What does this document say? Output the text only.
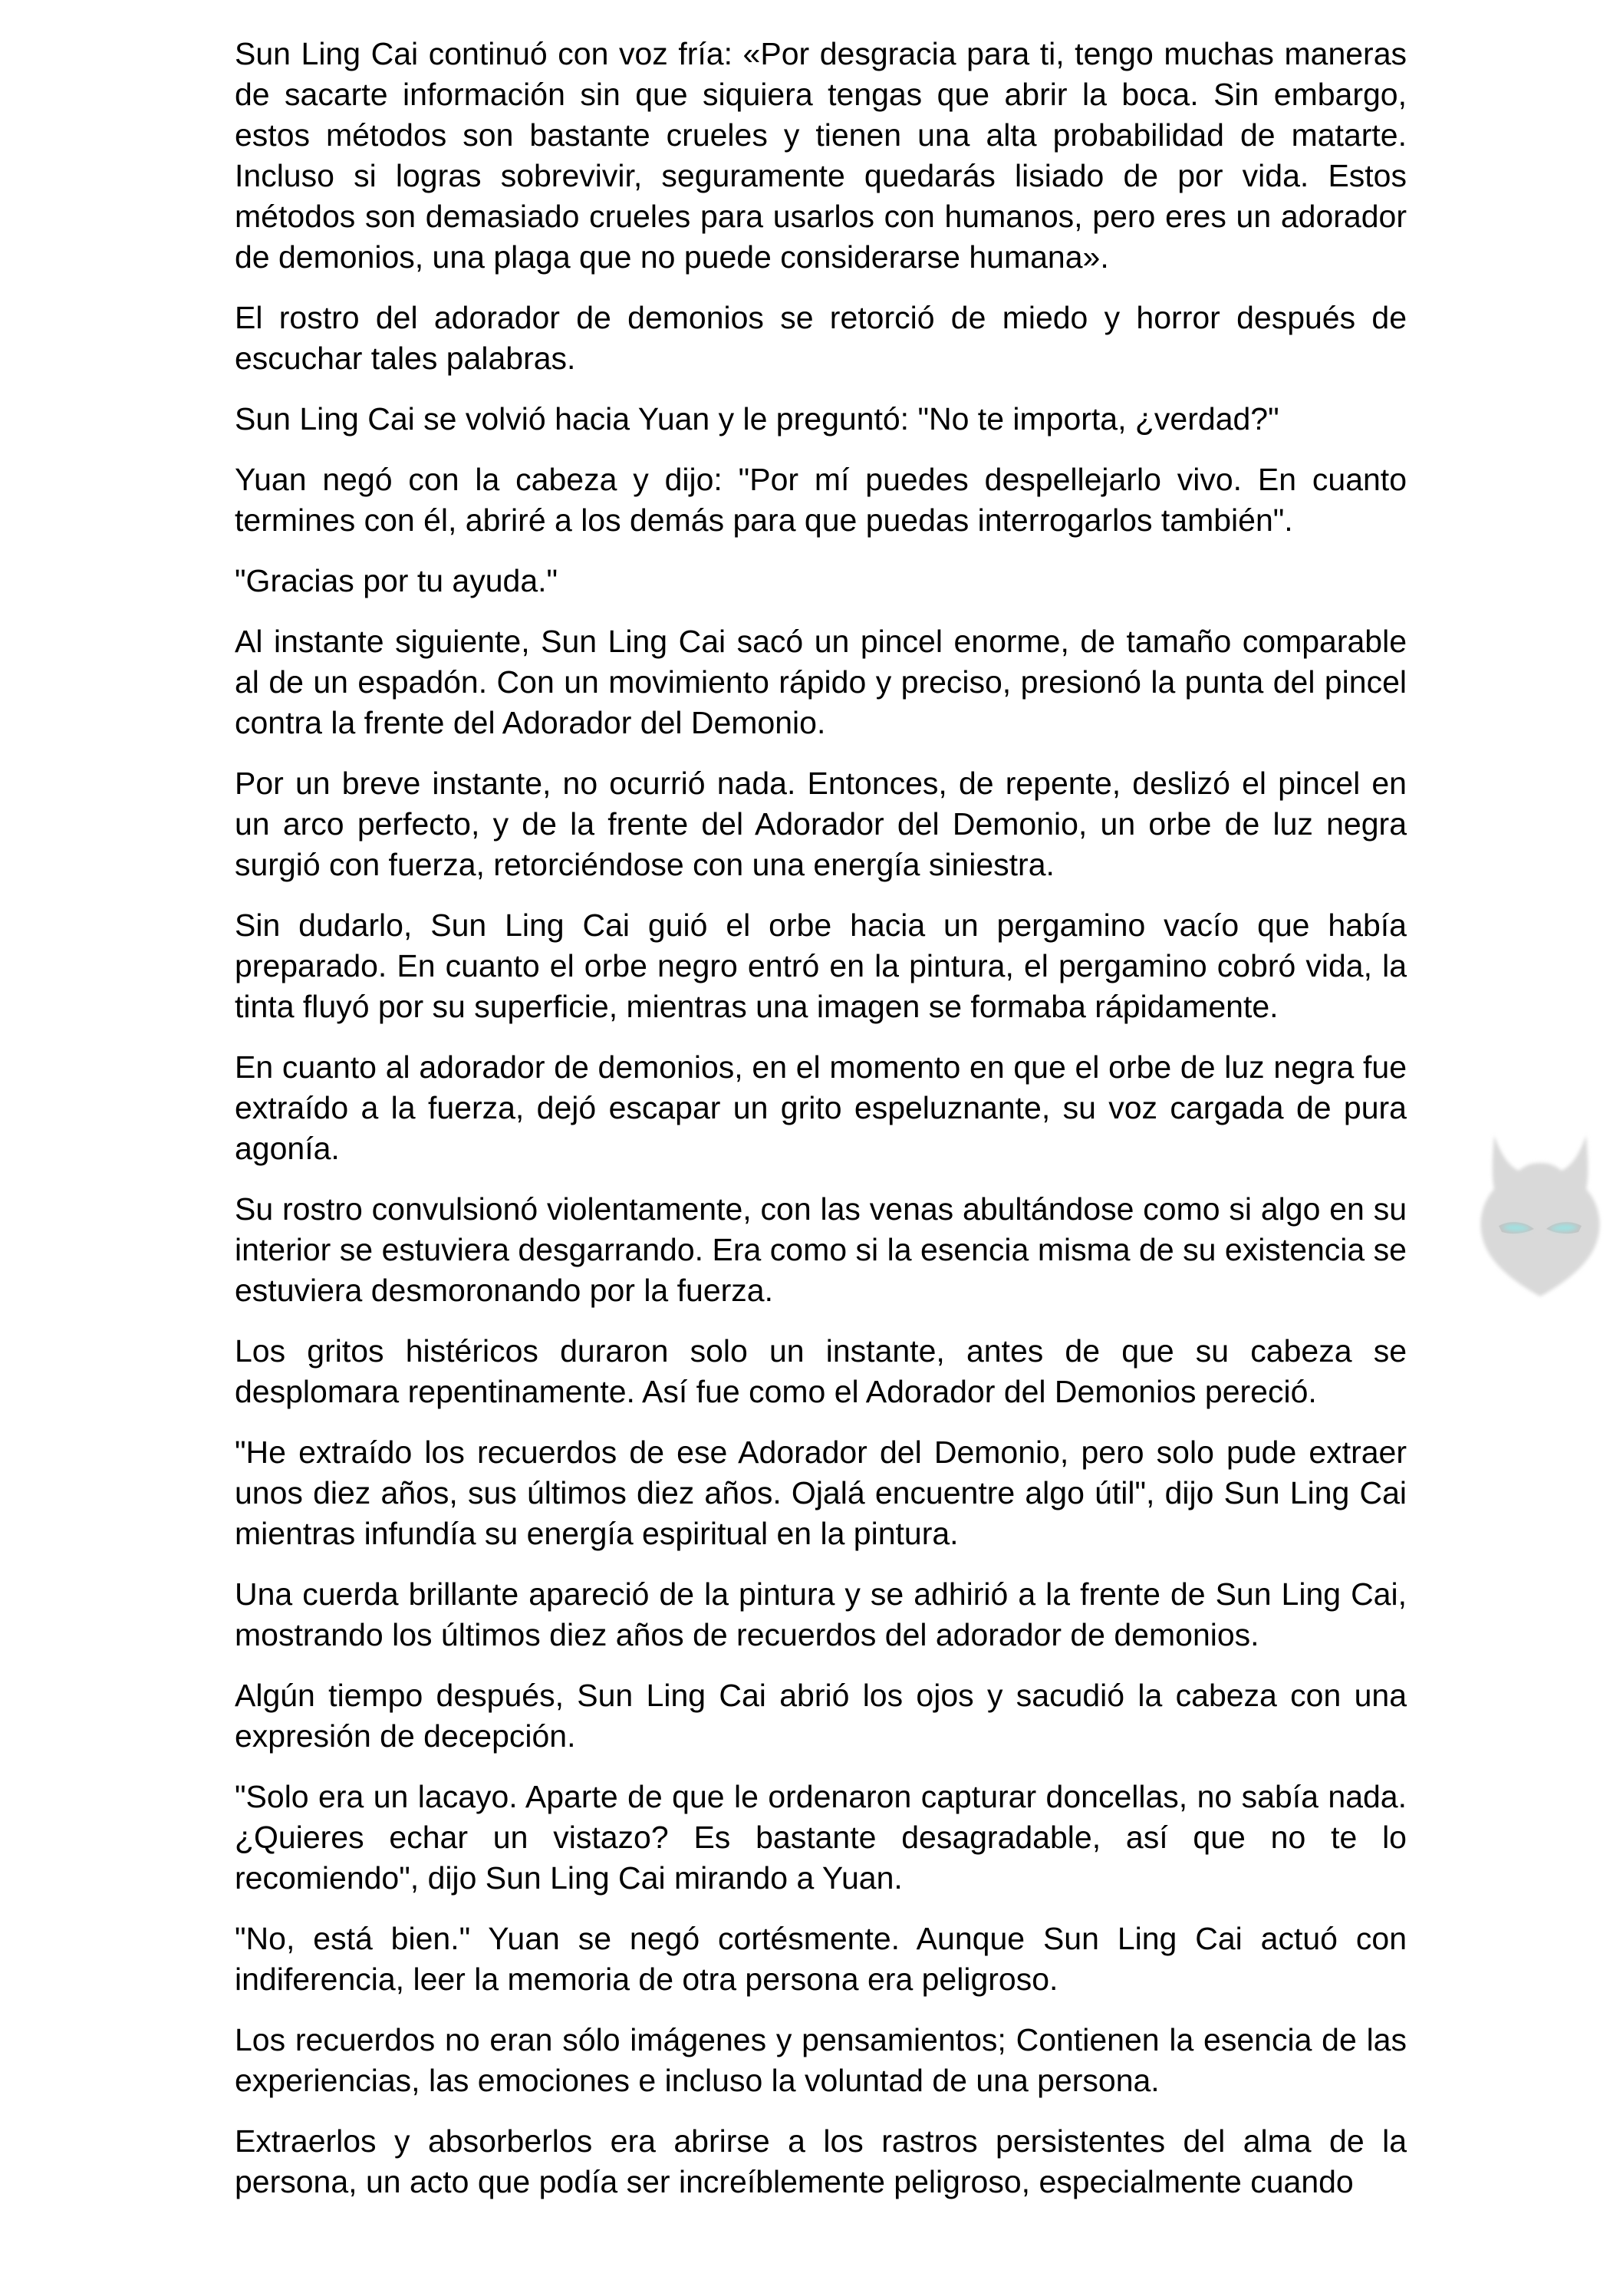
Sun Ling Cai continuó con voz fría: «Por desgracia para ti, tengo muchas maneras de sacarte información sin que siquiera tengas que abrir la boca. Sin embargo, estos métodos son bastante crueles y tienen una alta probabilidad de matarte. Incluso si logras sobrevivir, seguramente quedarás lisiado de por vida. Estos métodos son demasiado crueles para usarlos con humanos, pero eres un adorador de demonios, una plaga que no puede considerarse humana».

El rostro del adorador de demonios se retorció de miedo y horror después de escuchar tales palabras.

Sun Ling Cai se volvió hacia Yuan y le preguntó: "No te importa, ¿verdad?"

Yuan negó con la cabeza y dijo: "Por mí puedes despellejarlo vivo. En cuanto termines con él, abriré a los demás para que puedas interrogarlos también".

"Gracias por tu ayuda."

Al instante siguiente, Sun Ling Cai sacó un pincel enorme, de tamaño comparable al de un espadón. Con un movimiento rápido y preciso, presionó la punta del pincel contra la frente del Adorador del Demonio.

Por un breve instante, no ocurrió nada. Entonces, de repente, deslizó el pincel en un arco perfecto, y de la frente del Adorador del Demonio, un orbe de luz negra surgió con fuerza, retorciéndose con una energía siniestra.

Sin dudarlo, Sun Ling Cai guió el orbe hacia un pergamino vacío que había preparado. En cuanto el orbe negro entró en la pintura, el pergamino cobró vida, la tinta fluyó por su superficie, mientras una imagen se formaba rápidamente.

En cuanto al adorador de demonios, en el momento en que el orbe de luz negra fue extraído a la fuerza, dejó escapar un grito espeluznante, su voz cargada de pura agonía.

Su rostro convulsionó violentamente, con las venas abultándose como si algo en su interior se estuviera desgarrando. Era como si la esencia misma de su existencia se estuviera desmoronando por la fuerza.

Los gritos histéricos duraron solo un instante, antes de que su cabeza se desplomara repentinamente. Así fue como el Adorador del Demonios pereció.

"He extraído los recuerdos de ese Adorador del Demonio, pero solo pude extraer unos diez años, sus últimos diez años. Ojalá encuentre algo útil", dijo Sun Ling Cai mientras infundía su energía espiritual en la pintura.

Una cuerda brillante apareció de la pintura y se adhirió a la frente de Sun Ling Cai, mostrando los últimos diez años de recuerdos del adorador de demonios.

Algún tiempo después, Sun Ling Cai abrió los ojos y sacudió la cabeza con una expresión de decepción.

"Solo era un lacayo. Aparte de que le ordenaron capturar doncellas, no sabía nada. ¿Quieres echar un vistazo? Es bastante desagradable, así que no te lo recomiendo", dijo Sun Ling Cai mirando a Yuan.

"No, está bien." Yuan se negó cortésmente. Aunque Sun Ling Cai actuó con indiferencia, leer la memoria de otra persona era peligroso.

Los recuerdos no eran sólo imágenes y pensamientos; Contienen la esencia de las experiencias, las emociones e incluso la voluntad de una persona.

Extraerlos y absorberlos era abrirse a los rastros persistentes del alma de la persona, un acto que podía ser increíblemente peligroso, especialmente cuando
